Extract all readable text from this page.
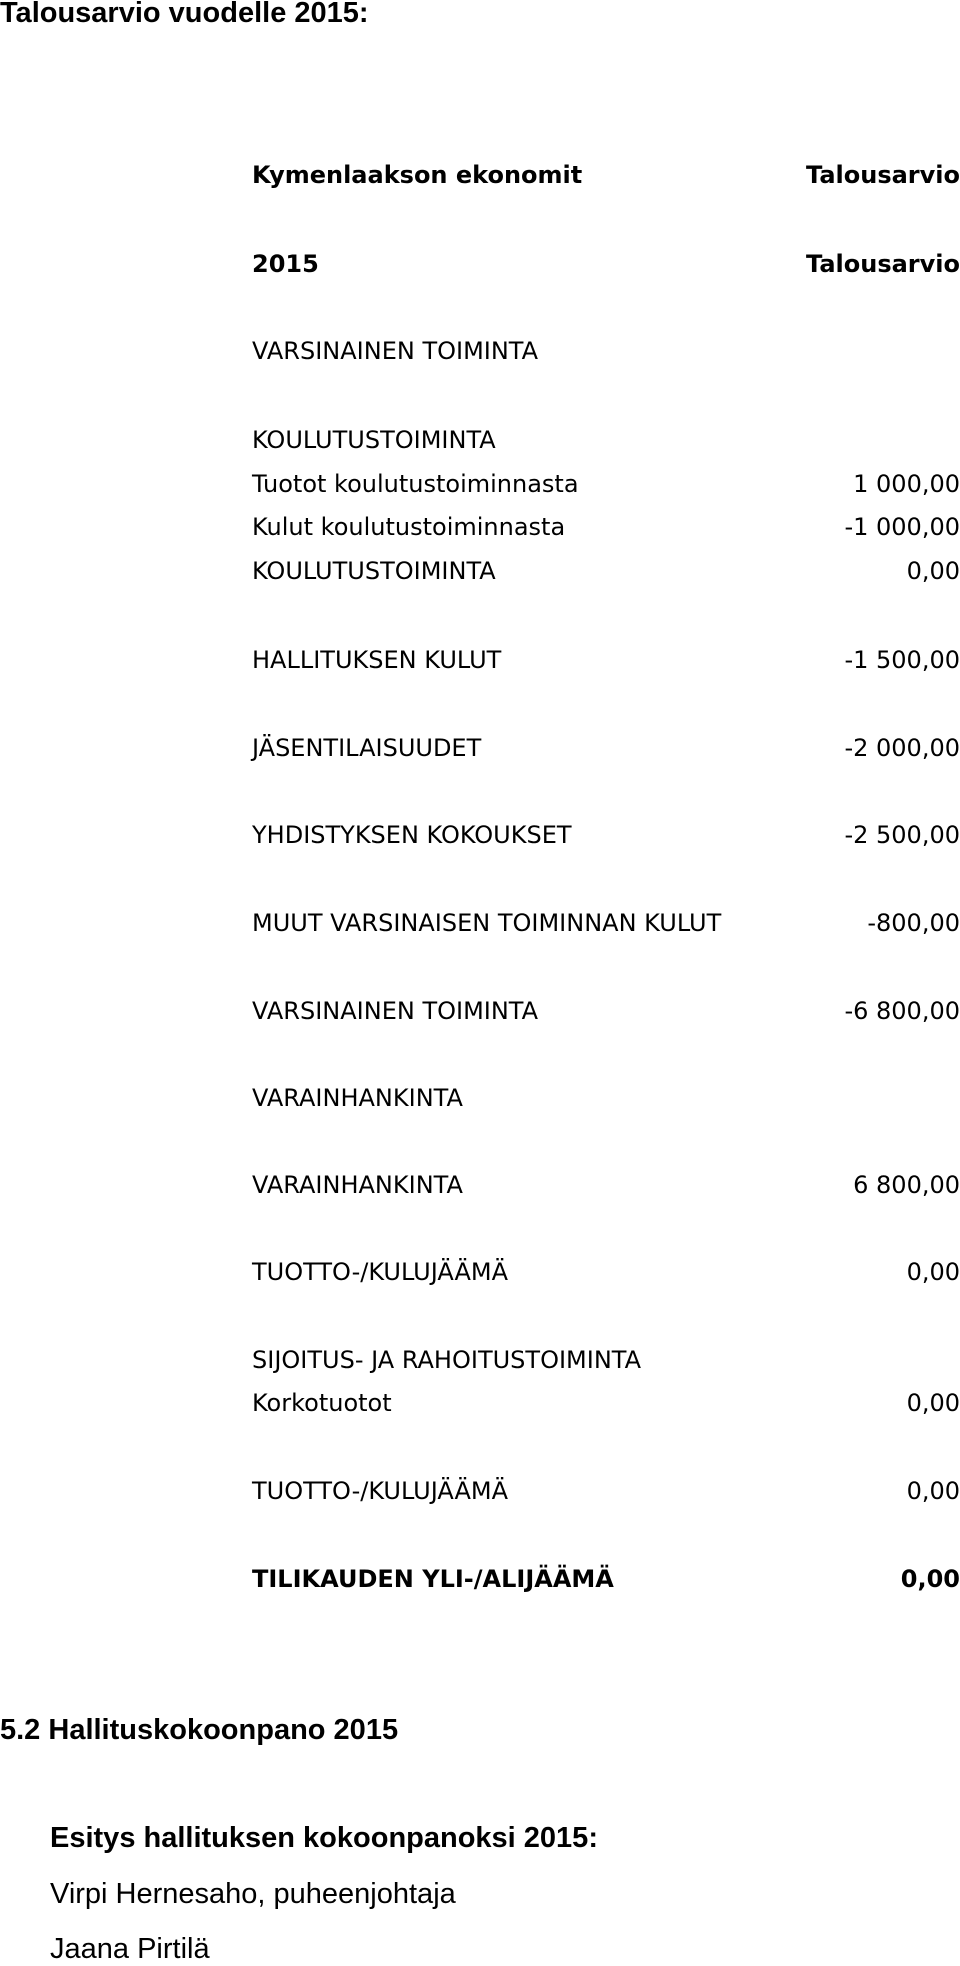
Talousarvio vuodelle 2015:
Kymenlaakson ekonomit	Talousarvio
2015	Talousarvio
VARSINAINEN TOIMINTA
KOULUTUSTOIMINTA
Tuotot koulutustoiminnasta	1 000,00
Kulut koulutustoiminnasta	-1 000,00
KOULUTUSTOIMINTA	0,00
HALLITUKSEN KULUT	-1 500,00
JÄSENTILAISUUDET	-2 000,00
YHDISTYKSEN KOKOUKSET	-2 500,00
MUUT VARSINAISEN TOIMINNAN KULUT	-800,00
VARSINAINEN TOIMINTA	-6 800,00
VARAINHANKINTA
VARAINHANKINTA	6 800,00
TUOTTO-/KULUJÄÄMÄ	0,00
SIJOITUS- JA RAHOITUSTOIMINTA
Korkotuotot	0,00
TUOTTO-/KULUJÄÄMÄ	0,00
TILIKAUDEN YLI-/ALIJÄÄMÄ	0,00
5.2 Hallituskokoonpano 2015
Esitys hallituksen kokoonpanoksi 2015:
Virpi Hernesaho, puheenjohtaja
Jaana Pirtilä
